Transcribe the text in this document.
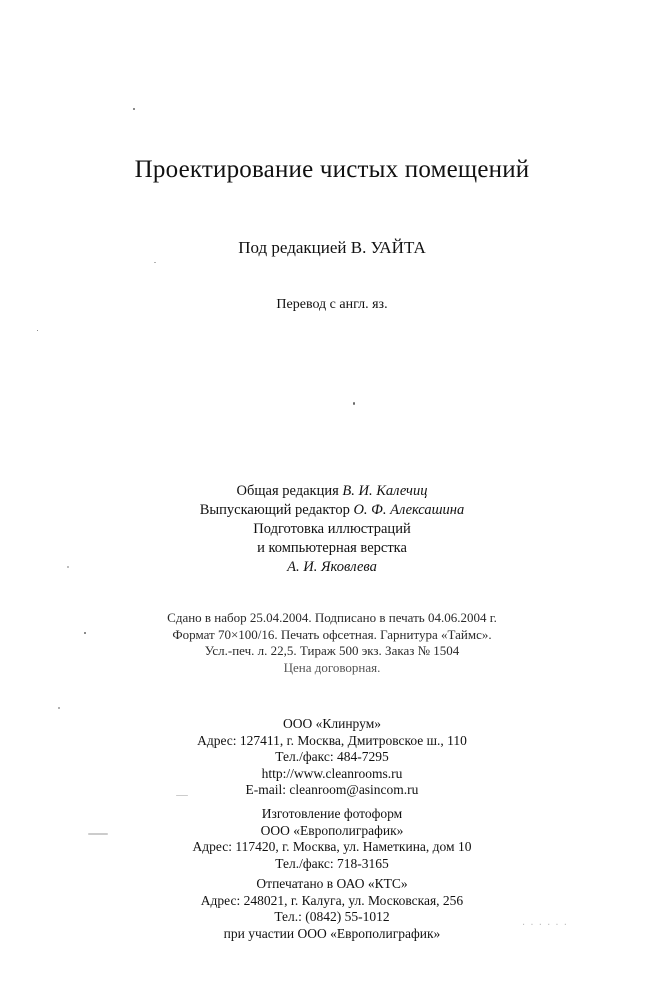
Проектирование чистых помещений
Под редакцией В. УАЙТА
Перевод с англ. яз.
Общая редакция В. И. Калечиц
Выпускающий редактор О. Ф. Алексашина
Подготовка иллюстраций
и компьютерная верстка
А. И. Яковлева
Сдано в набор 25.04.2004. Подписано в печать 04.06.2004 г.
Формат 70×100/16. Печать офсетная. Гарнитура «Таймс».
Усл.-печ. л. 22,5. Тираж 500 экз. Заказ № 1504
Цена договорная.
ООО «Клинрум»
Адрес: 127411, г. Москва, Дмитровское ш., 110
Тел./факс: 484-7295
http://www.cleanrooms.ru
E-mail: cleanroom@asincom.ru
Изготовление фотоформ
ООО «Европолиграфик»
Адрес: 117420, г. Москва, ул. Наметкина, дом 10
Тел./факс: 718-3165
Отпечатано в ОАО «КТС»
Адрес: 248021, г. Калуга, ул. Московская, 256
Тел.: (0842) 55-1012
при участии ООО «Европолиграфик»	· · · · · ·
